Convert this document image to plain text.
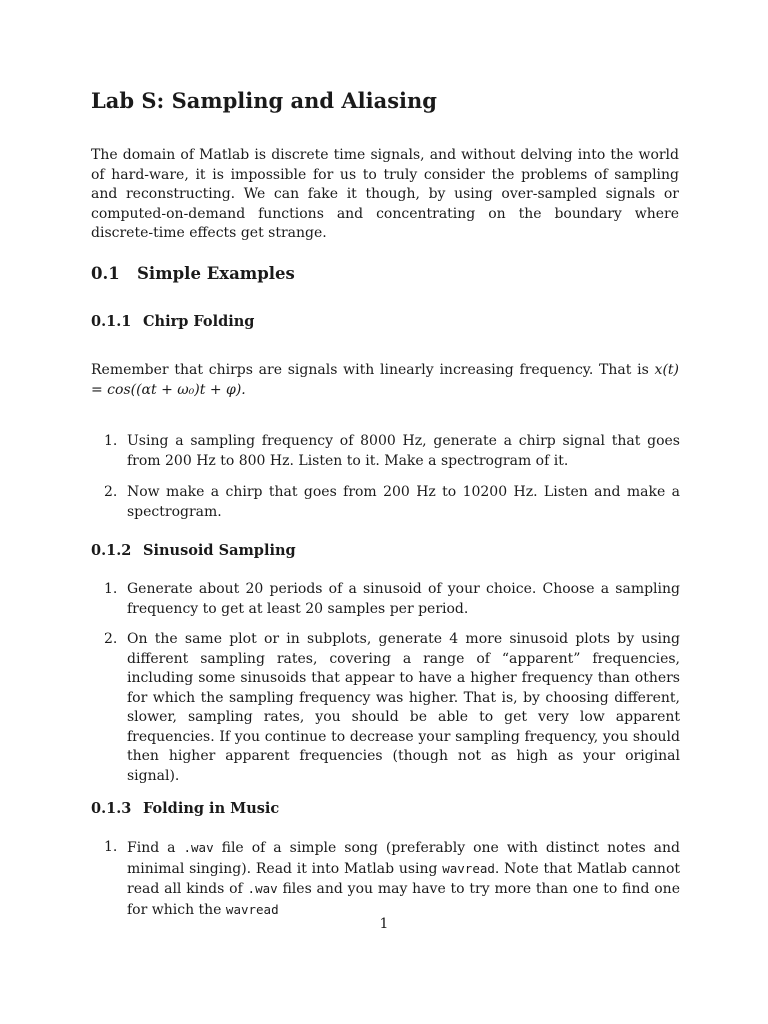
Lab S: Sampling and Aliasing

The domain of Matlab is discrete time signals, and without delving into the world of hard-ware, it is impossible for us to truly consider the problems of sampling and reconstructing. We can fake it though, by using over-sampled signals or computed-on-demand functions and concentrating on the boundary where discrete-time effects get strange.

0.1 Simple Examples
0.1.1 Chirp Folding

Remember that chirps are signals with linearly increasing frequency. That is x(t) = cos((αt + ω₀)t + φ).

1. Using a sampling frequency of 8000 Hz, generate a chirp signal that goes from 200 Hz to 800 Hz. Listen to it. Make a spectrogram of it.
2. Now make a chirp that goes from 200 Hz to 10200 Hz. Listen and make a spectrogram.
0.1.2 Sinusoid Sampling
1. Generate about 20 periods of a sinusoid of your choice. Choose a sampling frequency to get at least 20 samples per period.
2. On the same plot or in subplots, generate 4 more sinusoid plots by using different sampling rates, covering a range of “apparent” frequencies, including some sinusoids that appear to have a higher frequency than others for which the sampling frequency was higher. That is, by choosing different, slower, sampling rates, you should be able to get very low apparent frequencies. If you continue to decrease your sampling frequency, you should then higher apparent frequencies (though not as high as your original signal).
0.1.3 Folding in Music
1. Find a .wav file of a simple song (preferably one with distinct notes and minimal singing). Read it into Matlab using wavread. Note that Matlab cannot read all kinds of .wav files and you may have to try more than one to find one for which the wavread
1
